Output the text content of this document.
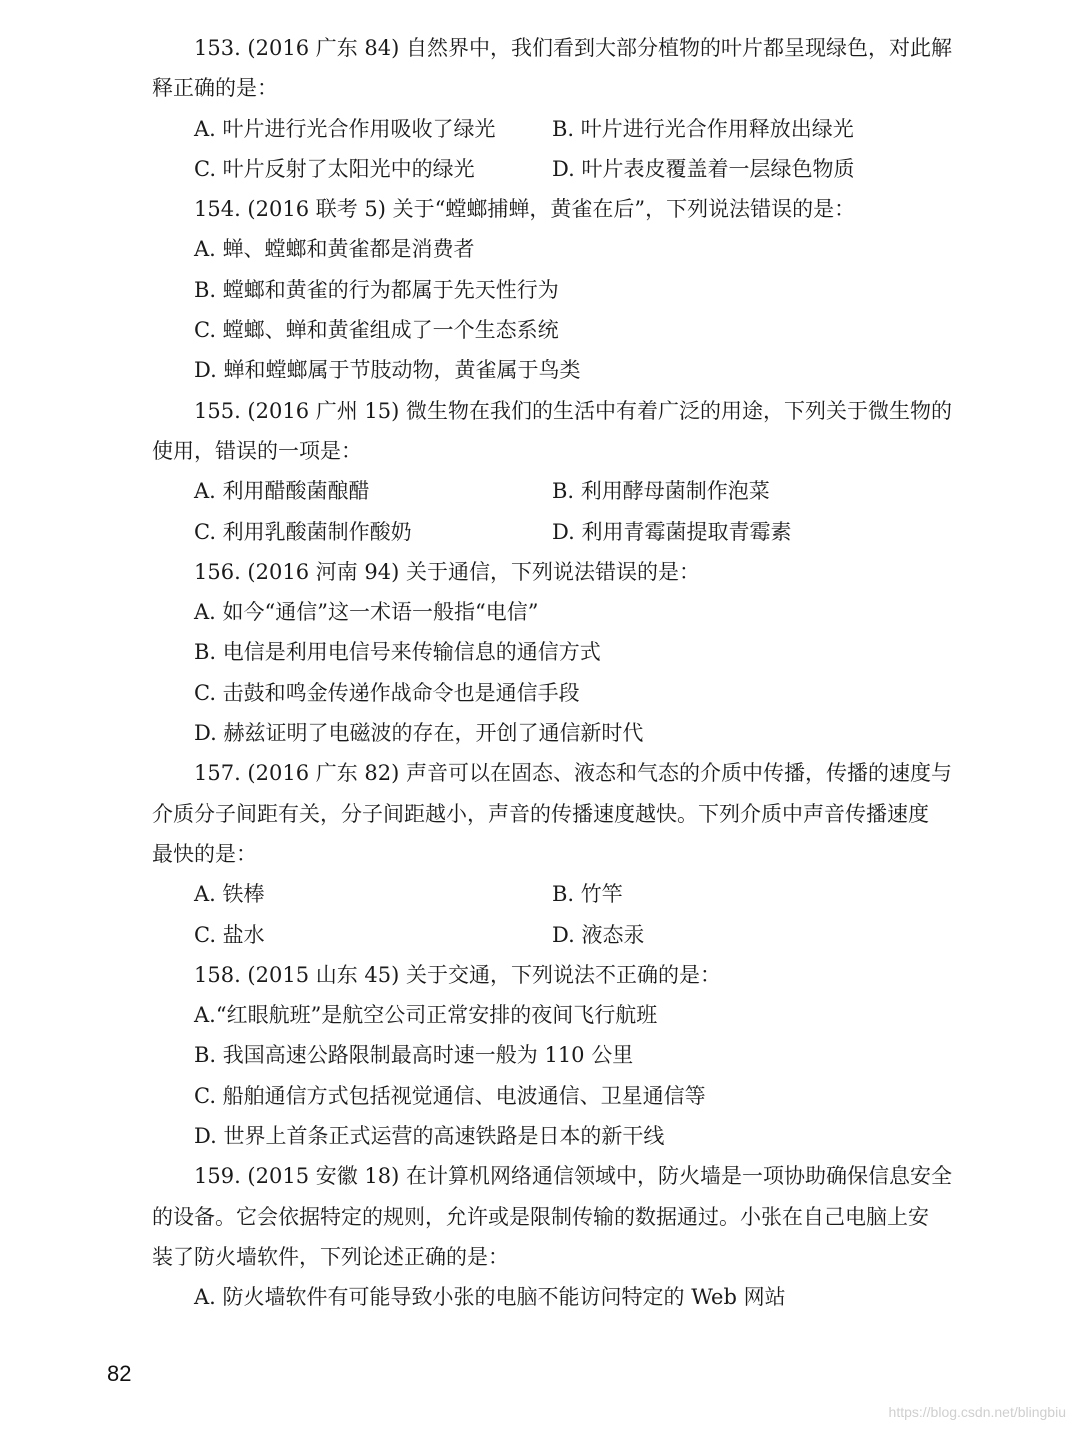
153. (2016 广东 84) 自然界中，我们看到大部分植物的叶片都呈现绿色，对此解
释正确的是：
A. 叶片进行光合作用吸收了绿光	B. 叶片进行光合作用释放出绿光
C. 叶片反射了太阳光中的绿光	D. 叶片表皮覆盖着一层绿色物质
154. (2016 联考 5) 关于“螳螂捕蝉，黄雀在后”，下列说法错误的是：
A. 蝉、螳螂和黄雀都是消费者
B. 螳螂和黄雀的行为都属于先天性行为
C. 螳螂、蝉和黄雀组成了一个生态系统
D. 蝉和螳螂属于节肢动物，黄雀属于鸟类
155. (2016 广州 15) 微生物在我们的生活中有着广泛的用途，下列关于微生物的
使用，错误的一项是：
A. 利用醋酸菌酿醋	B. 利用酵母菌制作泡菜
C. 利用乳酸菌制作酸奶	D. 利用青霉菌提取青霉素
156. (2016 河南 94) 关于通信，下列说法错误的是：
A. 如今“通信”这一术语一般指“电信”
B. 电信是利用电信号来传输信息的通信方式
C. 击鼓和鸣金传递作战命令也是通信手段
D. 赫兹证明了电磁波的存在，开创了通信新时代
157. (2016 广东 82) 声音可以在固态、液态和气态的介质中传播，传播的速度与
介质分子间距有关，分子间距越小，声音的传播速度越快。下列介质中声音传播速度
最快的是：
A. 铁棒	B. 竹竿
C. 盐水	D. 液态汞
158. (2015 山东 45) 关于交通，下列说法不正确的是：
A.“红眼航班”是航空公司正常安排的夜间飞行航班
B. 我国高速公路限制最高时速一般为 110 公里
C. 船舶通信方式包括视觉通信、电波通信、卫星通信等
D. 世界上首条正式运营的高速铁路是日本的新干线
159. (2015 安徽 18) 在计算机网络通信领域中，防火墙是一项协助确保信息安全
的设备。它会依据特定的规则，允许或是限制传输的数据通过。小张在自己电脑上安
装了防火墙软件，下列论述正确的是：
A. 防火墙软件有可能导致小张的电脑不能访问特定的 Web 网站
82
https://blog.csdn.net/blingbiu
